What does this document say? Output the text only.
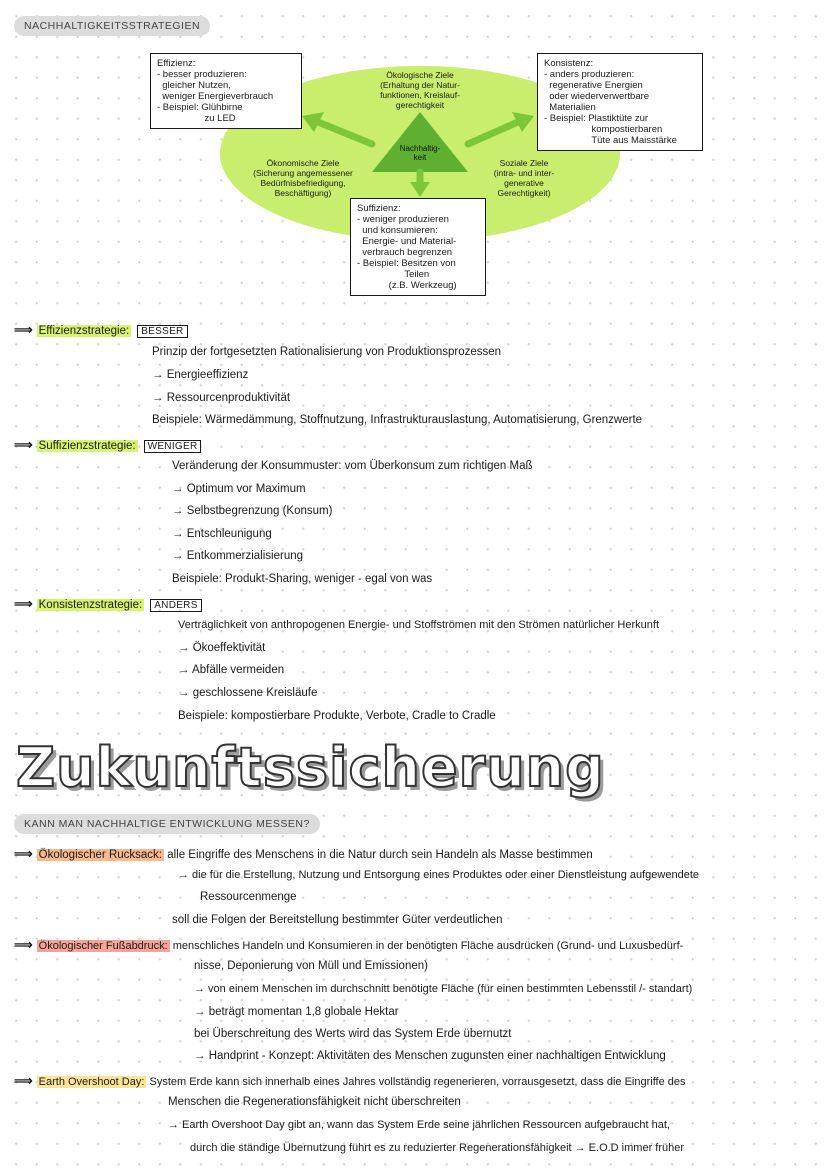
NACHHALTIGKEITSSTRATEGIEN
Nachhaltig-
keit
Ökologische Ziele
(Erhaltung der Natur-
funktionen, Kreislauf-
gerechtigkeit
Ökonomische Ziele
(Sicherung angemessener
Bedürfnisbefriedigung,
Beschäftigung)
Soziale Ziele
(intra- und inter-
generative
Gerechtigkeit)
Effizienz:
- besser produzieren:
gleicher Nutzen,
weniger Energieverbrauch
- Beispiel: Glühbirne
zu LED
Konsistenz:
- anders produzieren:
regenerative Energien
oder wiederverwertbare
Materialien
- Beispiel: Plastiktüte zur
kompostierbaren
Tüte aus Maisstärke
Suffizienz:
- weniger produzieren
und konsumieren:
Energie- und Material-
verbrauch begrenzen
- Beispiel: Besitzen von
Teilen
(z.B. Werkzeug)
⟹ Effizienzstrategie: BESSER
Prinzip der fortgesetzten Rationalisierung von Produktionsprozessen
→ Energieeffizienz
→ Ressourcenproduktivität
Beispiele: Wärmedämmung, Stoffnutzung, Infrastrukturauslastung, Automatisierung, Grenzwerte
⟹ Suffizienzstrategie: WENIGER
Veränderung der Konsummuster: vom Überkonsum zum richtigen Maß
→ Optimum vor Maximum
→ Selbstbegrenzung (Konsum)
→ Entschleunigung
→ Entkommerzialisierung
Beispiele: Produkt-Sharing, weniger - egal von was
⟹ Konsistenzstrategie: ANDERS
Verträglichkeit von anthropogenen Energie- und Stoffströmen mit den Strömen natürlicher Herkunft
→ Ökoeffektivität
→ Abfälle vermeiden
→ geschlossene Kreisläufe
Beispiele: kompostierbare Produkte, Verbote, Cradle to Cradle
Zukunftssicherung
KANN MAN NACHHALTIGE ENTWICKLUNG MESSEN?
⟹ Ökologischer Rucksack: alle Eingriffe des Menschens in die Natur durch sein Handeln als Masse bestimmen
→ die für die Erstellung, Nutzung und Entsorgung eines Produktes oder einer Dienstleistung aufgewendete
Ressourcenmenge
soll die Folgen der Bereitstellung bestimmter Güter verdeutlichen
⟹ Ökologischer Fußabdruck: menschliches Handeln und Konsumieren in der benötigten Fläche ausdrücken (Grund- und Luxusbedürf-
nisse, Deponierung von Müll und Emissionen)
→ von einem Menschen im durchschnitt benötigte Fläche (für einen bestimmten Lebensstil /- standart)
→ beträgt momentan 1,8 globale Hektar
bei Überschreitung des Werts wird das System Erde übernutzt
→ Handprint - Konzept: Aktivitäten des Menschen zugunsten einer nachhaltigen Entwicklung
⟹ Earth Overshoot Day: System Erde kann sich innerhalb eines Jahres vollständig regenerieren, vorrausgesetzt, dass die Eingriffe des
Menschen die Regenerationsfähigkeit nicht überschreiten
→ Earth Overshoot Day gibt an, wann das System Erde seine jährlichen Ressourcen aufgebraucht hat,
durch die ständige Übernutzung führt es zu reduzierter Regenerationsfähigkeit → E.O.D immer früher
